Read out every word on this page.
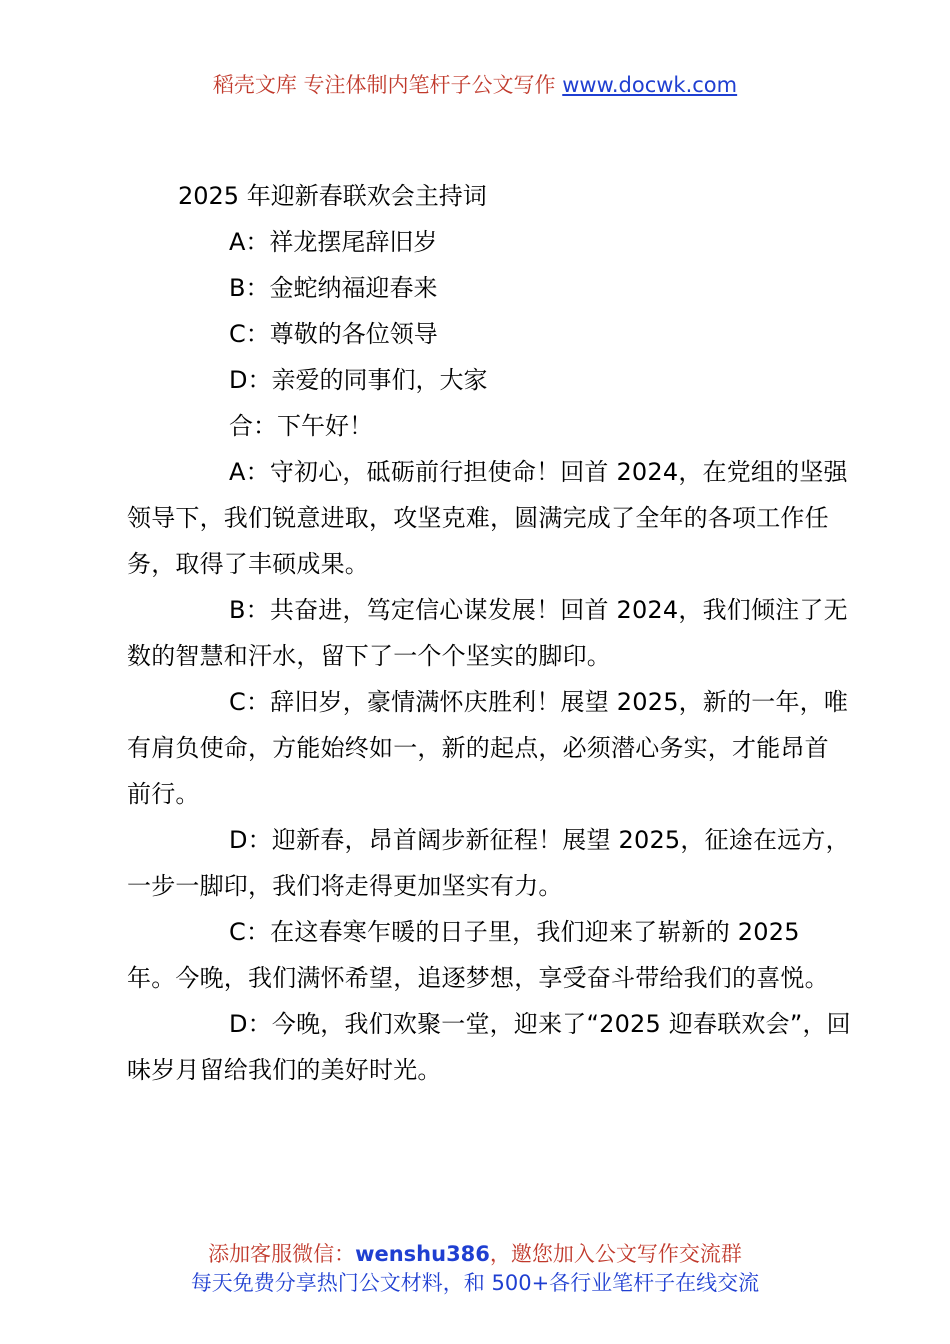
稻壳文库 专注体制内笔杆子公文写作 www.docwk.com

2025 年迎新春联欢会主持词

A：祥龙摆尾辞旧岁

B：金蛇纳福迎春来

C：尊敬的各位领导

D：亲爱的同事们，大家

合：下午好！

A：守初心，砥砺前行担使命！回首 2024，在党组的坚强领导下，我们锐意进取，攻坚克难，圆满完成了全年的各项工作任务，取得了丰硕成果。

B：共奋进，笃定信心谋发展！回首 2024，我们倾注了无数的智慧和汗水，留下了一个个坚实的脚印。

C：辞旧岁，豪情满怀庆胜利！展望 2025，新的一年，唯有肩负使命，方能始终如一，新的起点，必须潜心务实，才能昂首前行。

D：迎新春，昂首阔步新征程！展望 2025，征途在远方，一步一脚印，我们将走得更加坚实有力。

C：在这春寒乍暖的日子里，我们迎来了崭新的 2025 年。今晚，我们满怀希望，追逐梦想，享受奋斗带给我们的喜悦。

D：今晚，我们欢聚一堂，迎来了“2025 迎春联欢会”，回味岁月留给我们的美好时光。

添加客服微信：wenshu386，邀您加入公文写作交流群
每天免费分享热门公文材料，和 500+各行业笔杆子在线交流
